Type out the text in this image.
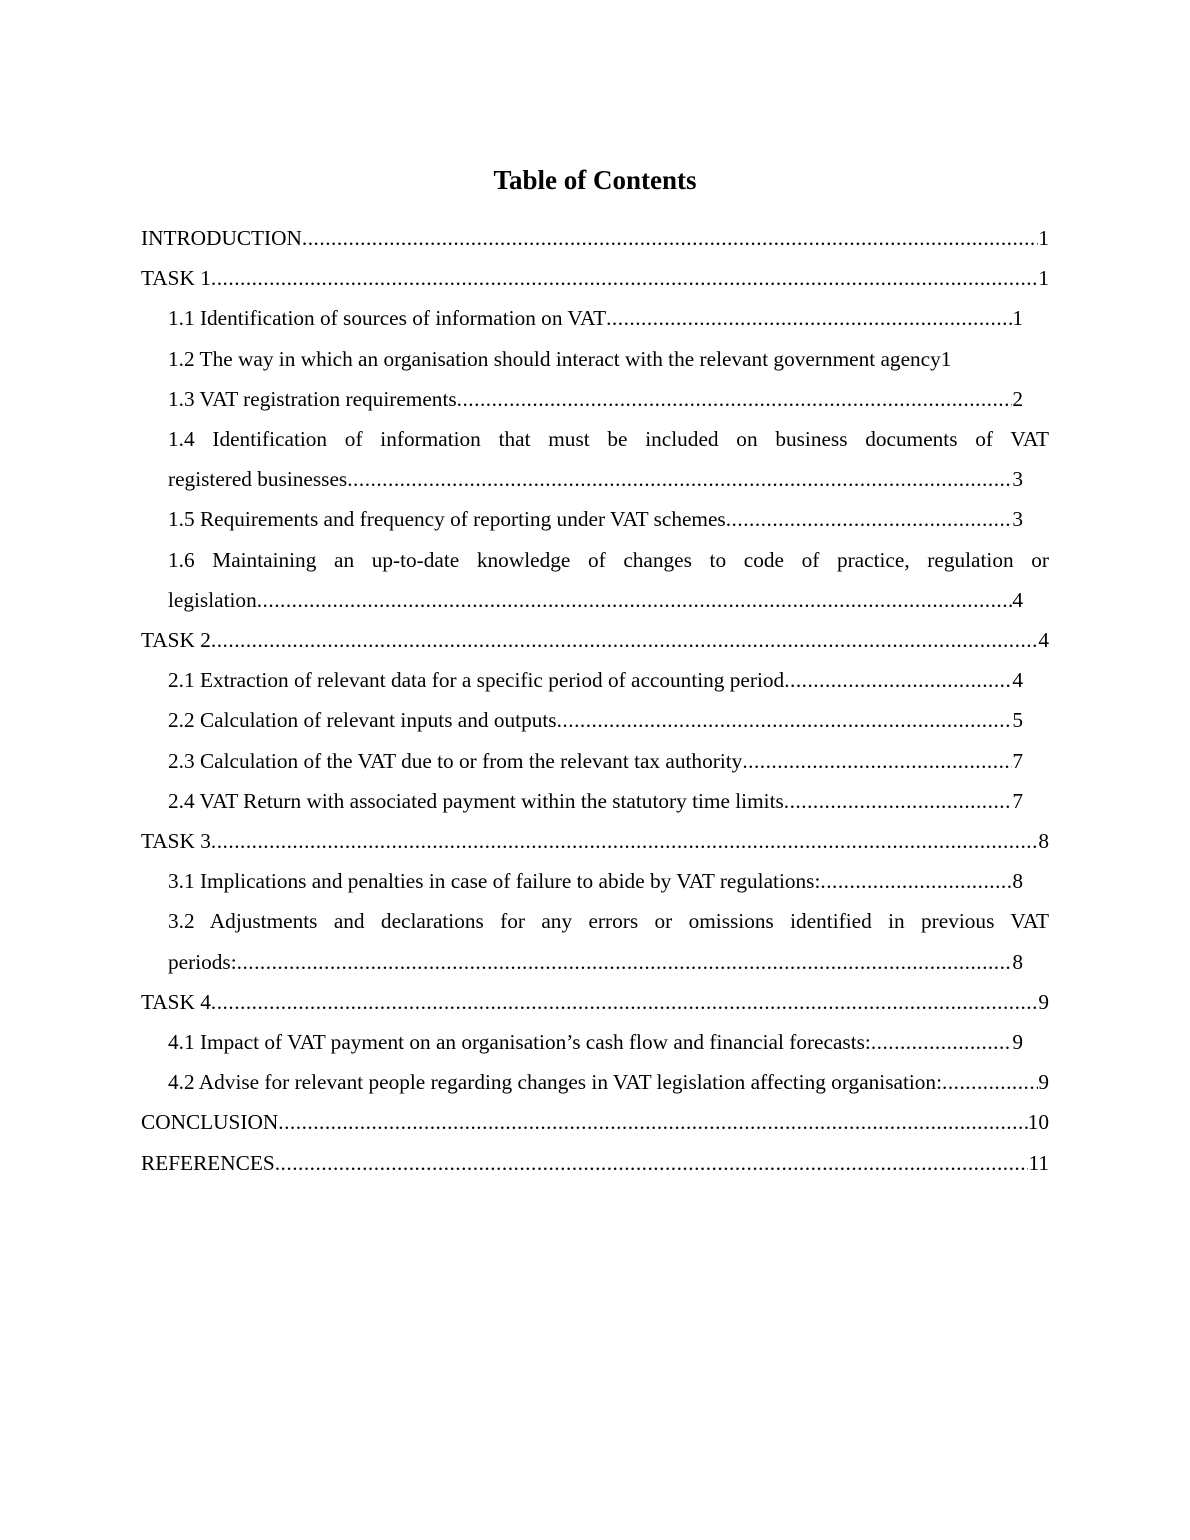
Table of Contents
INTRODUCTION .....	1
TASK 1 .....	1
1.1 Identification of sources of information on VAT .....	1
1.2 The way in which an organisation should interact with the relevant government agency 1
1.3 VAT registration requirements .....	2
1.4 Identification of information that must be included on business documents of VAT
registered businesses .....	3
1.5 Requirements and frequency of reporting under VAT schemes .....	3
1.6 Maintaining an up-to-date knowledge of changes to code of practice, regulation or
legislation .....	4
TASK 2 .....	4
2.1 Extraction of relevant data for a specific period of accounting period .....	4
2.2 Calculation of relevant inputs and outputs .....	5
2.3 Calculation of the VAT due to or from the relevant tax authority .....	7
2.4 VAT Return with associated payment within the statutory time limits .....	7
TASK 3 .....	8
3.1 Implications and penalties in case of failure to abide by VAT regulations: .....	8
3.2 Adjustments and declarations for any errors or omissions identified in previous VAT
periods: .....	8
TASK 4 .....	9
4.1 Impact of VAT payment on an organisation’s cash flow and financial forecasts: .....	9
4.2 Advise for relevant people regarding changes in VAT legislation affecting organisation: .....	9
CONCLUSION .....	10
REFERENCES .....	11
